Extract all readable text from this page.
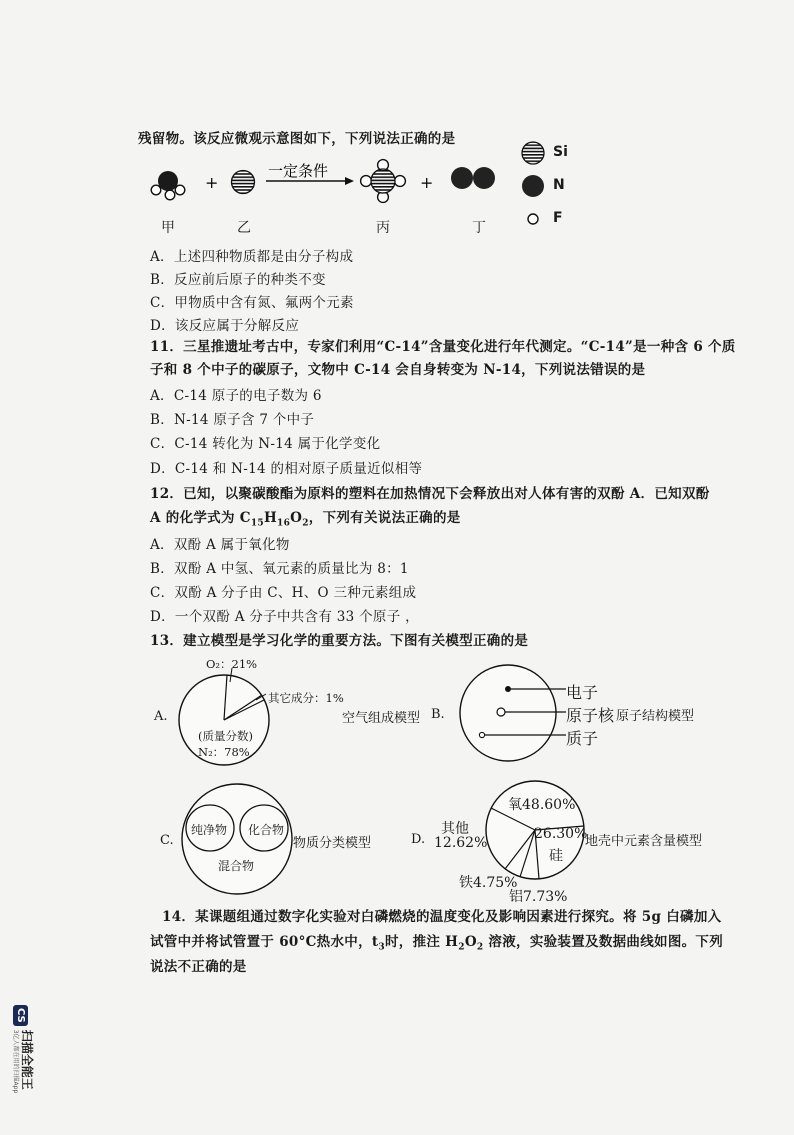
残留物。该反应微观示意图如下，下列说法正确的是
+
一定条件
+
Si
N
F
甲	乙	丙	丁
A．上述四种物质都是由分子构成
B．反应前后原子的种类不变
C．甲物质中含有氮、氟两个元素
D．该反应属于分解反应
11．三星推遗址考古中，专家们利用“C-14”含量变化进行年代测定。“C-14”是一种含 6 个质
子和 8 个中子的碳原子，文物中 C-14 会自身转变为 N-14，下列说法错误的是
A．C-14 原子的电子数为 6
B．N-14 原子含 7 个中子
C．C-14 转化为 N-14 属于化学变化
D．C-14 和 N-14 的相对原子质量近似相等
12．已知，以聚碳酸酯为原料的塑料在加热情况下会释放出对人体有害的双酚 A．已知双酚
A 的化学式为 $C_{15}H_{16}O_2$，下列有关说法正确的是
A．双酚 A 属于氧化物
B．双酚 A 中氢、氧元素的质量比为 8：1
C．双酚 A 分子由 C、H、O 三种元素组成
D．一个双酚 A 分子中共含有 33 个原子 ，
13．建立模型是学习化学的重要方法。下图有关模型正确的是
A.
O₂：21%
其它成分：1%
(质量分数)
N₂：78%
空气组成模型 B.
电子
原子核 原子结构模型
质子
C.
纯净物 化合物
混合物
物质分类模型	D.
氧48.60%
26.30%
硅
其他
12.62%
铁4.75%
铝7.73%
地壳中元素含量模型
14．某课题组通过数字化实验对白磷燃烧的温度变化及影响因素进行探究。将 5g 白磷加入
试管中并将试管置于 60°C热水中，$t_3$时，推注 $H_2O_2$ 溶液，实验装置及数据曲线如图。下列
说法不正确的是
CS
扫描全能王
3亿人都在用的扫描App
